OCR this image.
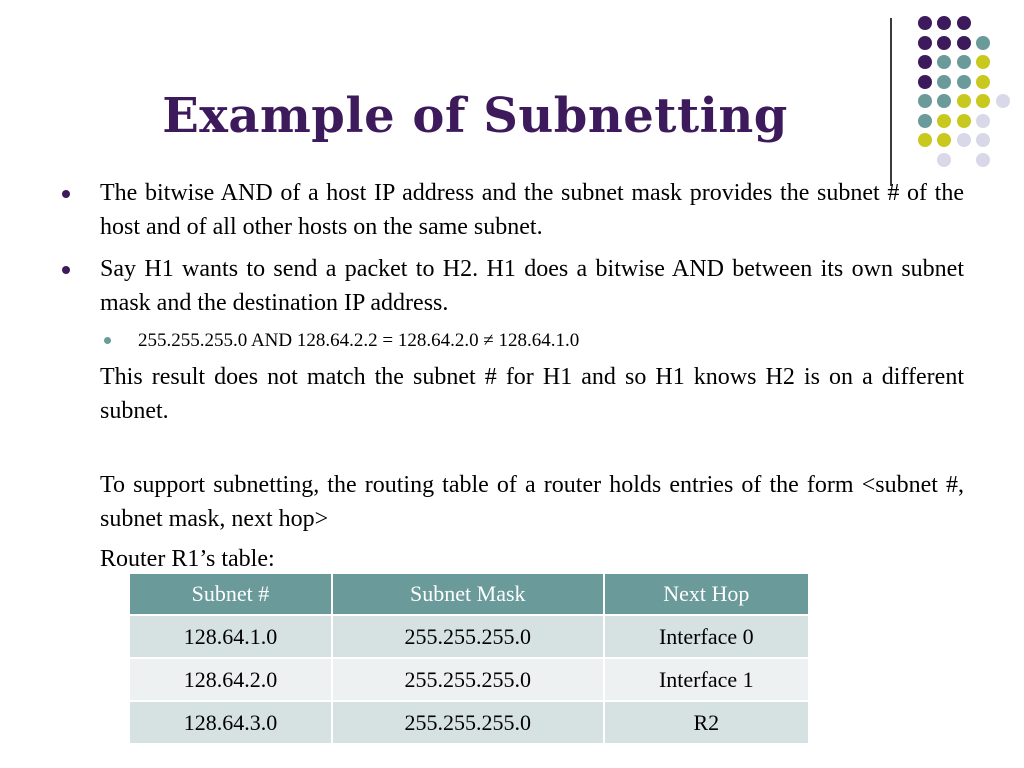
Example of Subnetting
The bitwise AND of a host IP address and the subnet mask provides the subnet # of the host and of all other hosts on the same subnet.
Say H1 wants to send a packet to H2. H1 does a bitwise AND between its own subnet mask and the destination IP address.
255.255.255.0 AND 128.64.2.2 = 128.64.2.0 ≠ 128.64.1.0
This result does not match the subnet # for H1 and so H1 knows H2 is on a different subnet.
To support subnetting, the routing table of a router holds entries of the form <subnet #, subnet mask, next hop>
Router R1’s table:
Subnet #	Subnet Mask	Next Hop
128.64.1.0	255.255.255.0	Interface 0
128.64.2.0	255.255.255.0	Interface 1
128.64.3.0	255.255.255.0	R2
